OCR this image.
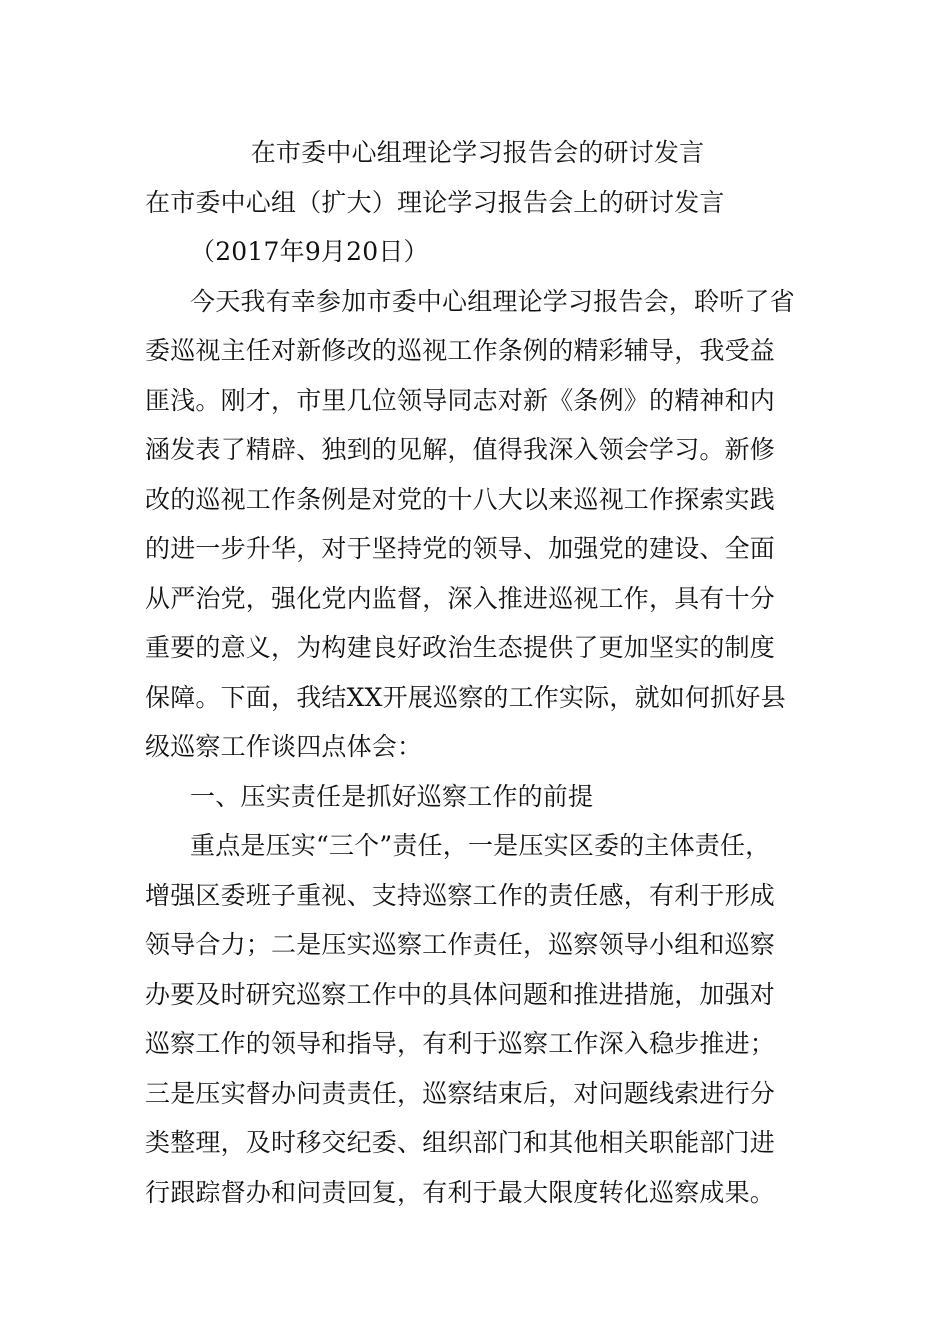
在市委中心组理论学习报告会的研讨发言
在市委中心组（扩大）理论学习报告会上的研讨发言
（2017年9月20日）
今天我有幸参加市委中心组理论学习报告会，聆听了省
委巡视主任对新修改的巡视工作条例的精彩辅导，我受益
匪浅。刚才，市里几位领导同志对新《条例》的精神和内
涵发表了精辟、独到的见解，值得我深入领会学习。新修
改的巡视工作条例是对党的十八大以来巡视工作探索实践
的进一步升华，对于坚持党的领导、加强党的建设、全面
从严治党，强化党内监督，深入推进巡视工作，具有十分
重要的意义，为构建良好政治生态提供了更加坚实的制度
保障。下面，我结XX开展巡察的工作实际，就如何抓好县
级巡察工作谈四点体会：
一、压实责任是抓好巡察工作的前提
重点是压实“三个”责任，一是压实区委的主体责任，
增强区委班子重视、支持巡察工作的责任感，有利于形成
领导合力；二是压实巡察工作责任，巡察领导小组和巡察
办要及时研究巡察工作中的具体问题和推进措施，加强对
巡察工作的领导和指导，有利于巡察工作深入稳步推进；
三是压实督办问责责任，巡察结束后，对问题线索进行分
类整理，及时移交纪委、组织部门和其他相关职能部门进
行跟踪督办和问责回复，有利于最大限度转化巡察成果。
